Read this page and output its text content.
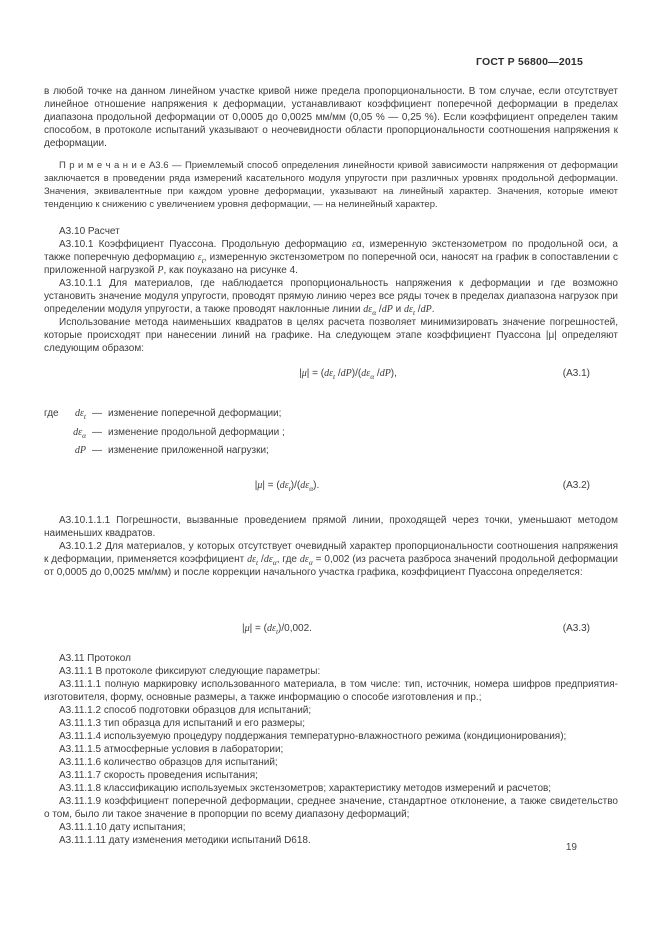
ГОСТ Р 56800—2015
в любой точке на данном линейном участке кривой ниже предела пропорциональности. В том случае, если отсутствует линейное отношение напряжения к деформации, устанавливают коэффициент поперечной деформации в пределах диапазона продольной деформации от 0,0005 до 0,0025 мм/мм (0,05 % — 0,25 %). Если коэффициент определен таким способом, в протоколе испытаний указывают о неочевидности области пропорциональности соотношения напряжения к деформации.
П р и м е ч а н и е А3.6 — Приемлемый способ определения линейности кривой зависимости напряжения от деформации заключается в проведении ряда измерений касательного модуля упругости при различных уровнях продольной деформации. Значения, эквивалентные при каждом уровне деформации, указывают на линейный характер. Значения, которые имеют тенденцию к снижению с увеличением уровня деформации, — на нелинейный характер.
А3.10 Расчет
А3.10.1 Коэффициент Пуассона. Продольную деформацию εα, измеренную экстензометром по продольной оси, а также поперечную деформацию $\varepsilon_t$, измеренную экстензометром по поперечной оси, наносят на график в сопоставлении с приложенной нагрузкой P, как поуказано на рисунке 4.
А3.10.1.1 Для материалов, где наблюдается пропорциональность напряжения к деформации и где возможно установить значение модуля упругости, проводят прямую линию через все ряды точек в пределах диапазона нагрузок при определении модуля упругости, а также проводят наклонные линии $d\varepsilon_\alpha$ /dP и $d\varepsilon_t$ /dP.
Использование метода наименьших квадратов в целях расчета позволяет минимизировать значение погрешностей, которые происходят при нанесении линий на графике. На следующем этапе коэффициент Пуассона |μ| определяют следующим образом:
$|\mu| = (d\varepsilon_t$ $/dP)/(d\varepsilon_\alpha$ /dP),	(А3.1)
где	$d\varepsilon_t$ — изменение поперечной деформации;
$d\varepsilon_\alpha$ — изменение продольной деформации ;
dP — изменение приложенной нагрузки;
$|\mu| = (d\varepsilon_t)/(d\varepsilon_\alpha)$.	(А3.2)
А3.10.1.1.1 Погрешности, вызванные проведением прямой линии, проходящей через точки, уменьшают методом наименьших квадратов.
А3.10.1.2 Для материалов, у которых отсутствует очевидный характер пропорциональности соотношения напряжения к деформации, применяется коэффициент $d\varepsilon_t$ $/d\varepsilon_\alpha$, где $d\varepsilon_\alpha = 0,002$ (из расчета разброса значений продольной деформации от 0,0005 до 0,0025 мм/мм) и после коррекции начального участка графика, коэффициент Пуассона определяется:
$|\mu| = (d\varepsilon_t)/0,002$.	(А3.3)
А3.11 Протокол
А3.11.1 В протоколе фиксируют следующие параметры:
А3.11.1.1 полную маркировку использованного материала, в том числе: тип, источник, номера шифров предприятия-изготовителя, форму, основные размеры, а также информацию о способе изготовления и пр.;
А3.11.1.2 способ подготовки образцов для испытаний;
А3.11.1.3 тип образца для испытаний и его размеры;
А3.11.1.4 используемую процедуру поддержания температурно-влажностного режима (кондиционирования);
А3.11.1.5 атмосферные условия в лаборатории;
А3.11.1.6 количество образцов для испытаний;
А3.11.1.7 скорость проведения испытания;
А3.11.1.8 классификацию используемых экстензометров; характеристику методов измерений и расчетов;
А3.11.1.9 коэффициент поперечной деформации, среднее значение, стандартное отклонение, а также свидетельство о том, было ли такое значение в пропорции по всему диапазону деформаций;
А3.11.1.10 дату испытания;
А3.11.1.11 дату изменения методики испытаний D618.
19
